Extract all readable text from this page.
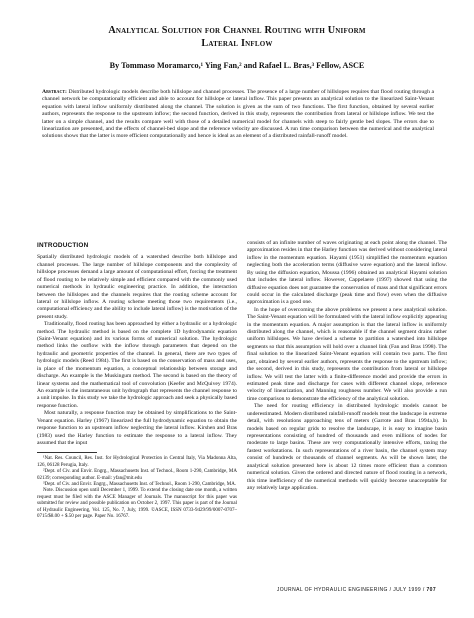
Analytical Solution for Channel Routing with Uniform
Lateral Inflow
By Tommaso Moramarco,¹ Ying Fan,² and Rafael L. Bras,³ Fellow, ASCE
Abstract: Distributed hydrologic models describe both hillslope and channel processes. The presence of a large number of hillslopes requires that flood routing through a channel network be computationally efficient and able to account for hillslope or lateral inflow. This paper presents an analytical solution to the linearized Saint-Venant equation with lateral inflow uniformly distributed along the channel. The solution is given as the sum of two functions. The first function, obtained by several earlier authors, represents the response to the upstream inflow; the second function, derived in this study, represents the contribution from lateral or hillslope inflow. We test the latter on a simple channel, and the results compare well with those of a detailed numerical model for channels with steep to fairly gentle bed slopes. The errors due to linearization are presented, and the effects of channel-bed slope and the reference velocity are discussed. A run time comparison between the numerical and the analytical solutions shows that the latter is more efficient computationally and hence is ideal as an element of a distributed rainfall-runoff model.
INTRODUCTION

Spatially distributed hydrologic models of a watershed describe both hillslope and channel processes. The large number of hillslope components and the complexity of hillslope processes demand a large amount of computational effort, forcing the treatment of flood routing to be relatively simple and efficient compared with the commonly used numerical methods in hydraulic engineering practice. In addition, the interaction between the hillslopes and the channels requires that the routing scheme account for lateral or hillslope inflow. A routing scheme meeting those two requirements (i.e., computational efficiency and the ability to include lateral inflow) is the motivation of the present study.

Traditionally, flood routing has been approached by either a hydraulic or a hydrologic method. The hydraulic method is based on the complete 1D hydrodynamic equation (Saint-Venant equation) and its various forms of numerical solution. The hydrologic method links the outflow with the inflow through parameters that depend on the hydraulic and geometric properties of the channel. In general, there are two types of hydrologic models (Reed 1984). The first is based on the conservation of mass and uses, in place of the momentum equation, a conceptual relationship between storage and discharge. An example is the Muskingum method. The second is based on the theory of linear systems and the mathematical tool of convolution (Keefer and McQuivey 1974). An example is the instantaneous unit hydrograph that represents the channel response to a unit impulse. In this study we take the hydrologic approach and seek a physically based response function.

Most naturally, a response function may be obtained by simplifications to the Saint-Venant equation. Harley (1967) linearized the full hydrodynamic equation to obtain the response function to an upstream inflow neglecting the lateral inflow. Kirshen and Bras (1983) used the Harley function to estimate the response to a lateral inflow. They assumed that the input

¹Nat. Res. Council, Res. Inst. for Hydrological Protection in Central Italy, Via Madonna Alta, 126, 06128 Perugia, Italy.

²Dept. of Civ. and Envir. Engrg., Massachusetts Inst. of Technol., Room 1-290, Cambridge, MA 02139; corresponding author. E-mail: yfan@mit.edu

³Dept. of Civ. and Envir. Engrg., Massachusetts Inst. of Technol., Room 1-290, Cambridge, MA.

Note. Discussion open until December 1, 1999. To extend the closing date one month, a written request must be filed with the ASCE Manager of Journals. The manuscript for this paper was submitted for review and possible publication on October 2, 1997. This paper is part of the Journal of Hydraulic Engineering, Vol. 125, No. 7, July, 1999. ©ASCE, ISSN 0733-9429/99/0007-0707–0715/$8.00 + $.50 per page. Paper No. 16767.

consists of an infinite number of waves originating at each point along the channel. The approximation resides in that the Harley function was derived without considering lateral inflow in the momentum equation. Hayami (1951) simplified the momentum equation neglecting both the acceleration terms (diffusive wave equation) and the lateral inflow. By using the diffusion equation, Moussa (1996) obtained an analytical Hayami solution that includes the lateral inflow. However, Cappelaere (1997) showed that using the diffusive equation does not guarantee the conservation of mass and that significant errors could occur in the calculated discharge (peak time and flow) even when the diffusive approximation is a good one.

In the hope of overcoming the above problems we present a new analytical solution. The Saint-Venant equation will be formulated with the lateral inflow explicitly appearing in the momentum equation. A major assumption is that the lateral inflow is uniformly distributed along the channel, which is reasonable if the channel segment drains rather uniform hillslopes. We have devised a scheme to partition a watershed into hillslope segments so that this assumption will hold over a channel link (Fan and Bras 1998). The final solution to the linearized Saint-Venant equation will contain two parts. The first part, obtained by several earlier authors, represents the response to the upstream inflow; the second, derived in this study, represents the contribution from lateral or hillslope inflow. We will test the latter with a finite-difference model and provide the errors in estimated peak time and discharge for cases with different channel slope, reference velocity of linearization, and Manning roughness number. We will also provide a run time comparison to demonstrate the efficiency of the analytical solution.

The need for routing efficiency in distributed hydrologic models cannot be underestimated. Modern distributed rainfall-runoff models treat the landscape in extreme detail, with resolutions approaching tens of meters (Garrote and Bras 1994a,b). In models based on regular grids to resolve the landscape, it is easy to imagine basin representations consisting of hundred of thousands and even millions of nodes for moderate to large basins. These are very computationally intensive efforts, taxing the fastest workstations. In such representations of a river basin, the channel system may consist of hundreds or thousands of channel segments. As will be shown later, the analytical solution presented here is about 12 times more efficient than a common numerical solution. Given the ordered and directed nature of flood routing in a network, this time inefficiency of the numerical methods will quickly become unacceptable for any relatively large application.

JOURNAL OF HYDRAULIC ENGINEERING / JULY 1999 / 707
